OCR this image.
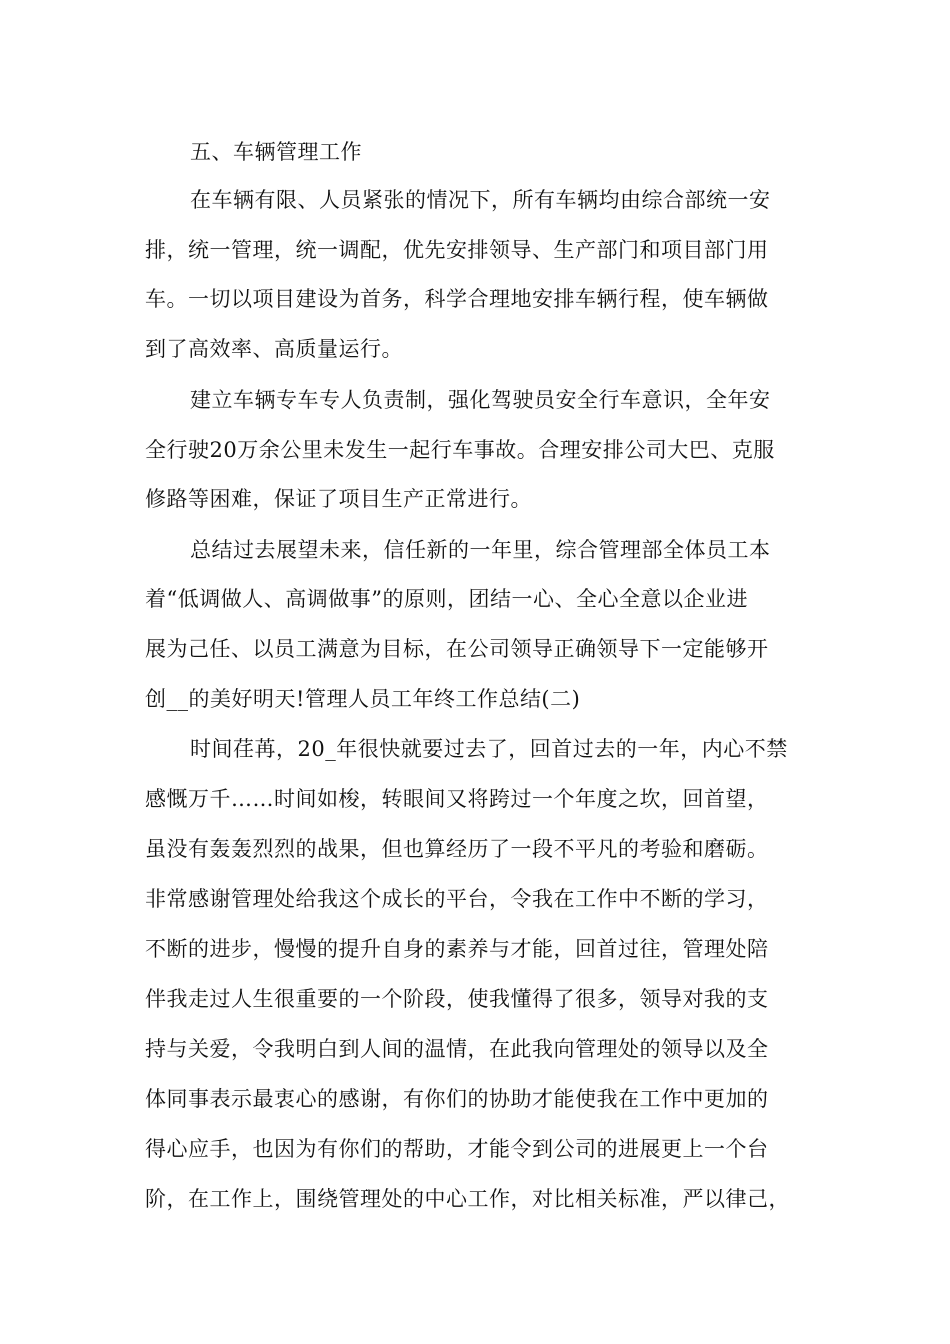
五、车辆管理工作
在车辆有限、人员紧张的情况下，所有车辆均由综合部统一安
排，统一管理，统一调配，优先安排领导、生产部门和项目部门用
车。一切以项目建设为首务，科学合理地安排车辆行程，使车辆做
到了高效率、高质量运行。
建立车辆专车专人负责制，强化驾驶员安全行车意识，全年安
全行驶20万余公里未发生一起行车事故。合理安排公司大巴、克服
修路等困难，保证了项目生产正常进行。
总结过去展望未来，信任新的一年里，综合管理部全体员工本
着“低调做人、高调做事”的原则，团结一心、全心全意以企业进
展为己任、以员工满意为目标，在公司领导正确领导下一定能够开
创__的美好明天!管理人员工年终工作总结(二)
时间荏苒，20_年很快就要过去了，回首过去的一年，内心不禁
感慨万千……时间如梭，转眼间又将跨过一个年度之坎，回首望，
虽没有轰轰烈烈的战果，但也算经历了一段不平凡的考验和磨砺。
非常感谢管理处给我这个成长的平台，令我在工作中不断的学习，
不断的进步，慢慢的提升自身的素养与才能，回首过往，管理处陪
伴我走过人生很重要的一个阶段，使我懂得了很多，领导对我的支
持与关爱，令我明白到人间的温情，在此我向管理处的领导以及全
体同事表示最衷心的感谢，有你们的协助才能使我在工作中更加的
得心应手，也因为有你们的帮助，才能令到公司的进展更上一个台
阶，在工作上，围绕管理处的中心工作，对比相关标准，严以律己，
